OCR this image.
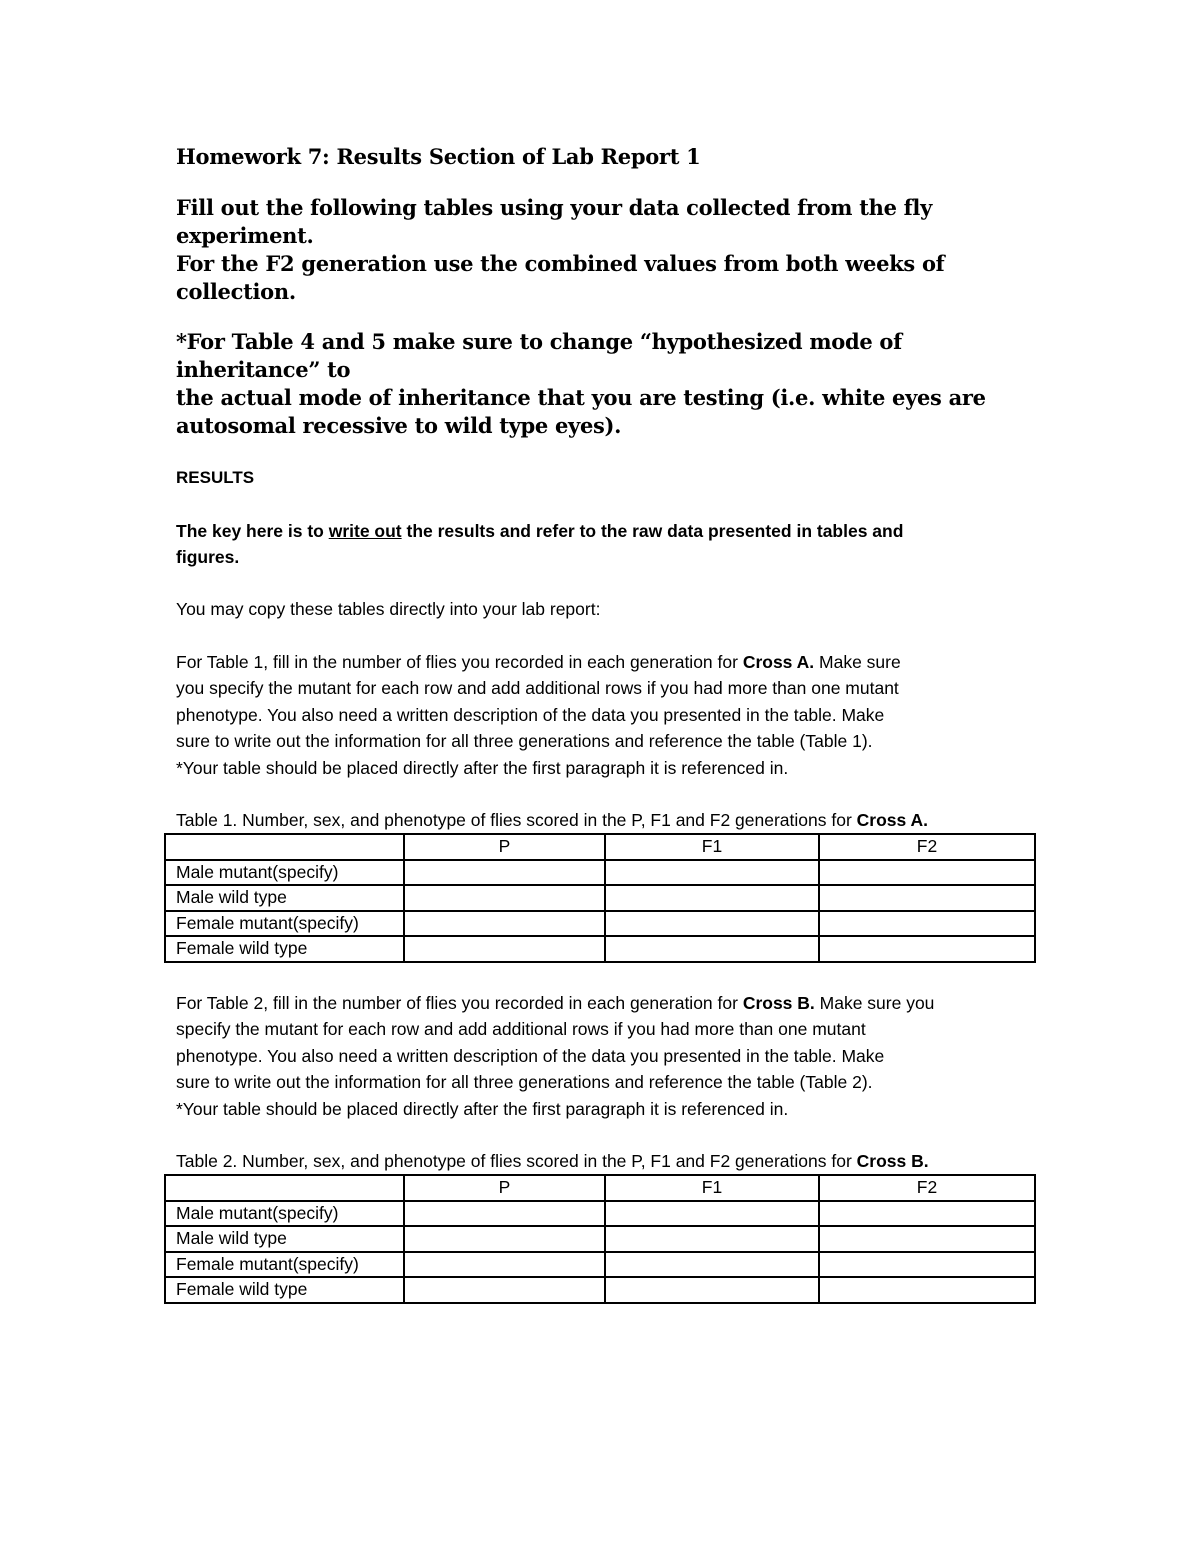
Homework 7: Results Section of Lab Report 1

Fill out the following tables using your data collected from the fly experiment.

For the F2 generation use the combined values from both weeks of collection.

*For Table 4 and 5 make sure to change “hypothesized mode of inheritance” to

the actual mode of inheritance that you are testing (i.e. white eyes are

autosomal recessive to wild type eyes).

RESULTS

The key here is to write out the results and refer to the raw data presented in tables and

figures.

You may copy these tables directly into your lab report:

For Table 1, fill in the number of flies you recorded in each generation for Cross A. Make sure

you specify the mutant for each row and add additional rows if you had more than one mutant

phenotype. You also need a written description of the data you presented in the table. Make

sure to write out the information for all three generations and reference the table (Table 1).

*Your table should be placed directly after the first paragraph it is referenced in.

Table 1. Number, sex, and phenotype of flies scored in the P, F1 and F2 generations for Cross A.

	P	F1	F2
Male mutant(specify)			
Male wild type			
Female mutant(specify)			
Female wild type			

For Table 2, fill in the number of flies you recorded in each generation for Cross B. Make sure you

specify the mutant for each row and add additional rows if you had more than one mutant

phenotype. You also need a written description of the data you presented in the table. Make

sure to write out the information for all three generations and reference the table (Table 2).

*Your table should be placed directly after the first paragraph it is referenced in.

Table 2. Number, sex, and phenotype of flies scored in the P, F1 and F2 generations for Cross B.

	P	F1	F2
Male mutant(specify)			
Male wild type			
Female mutant(specify)			
Female wild type			
